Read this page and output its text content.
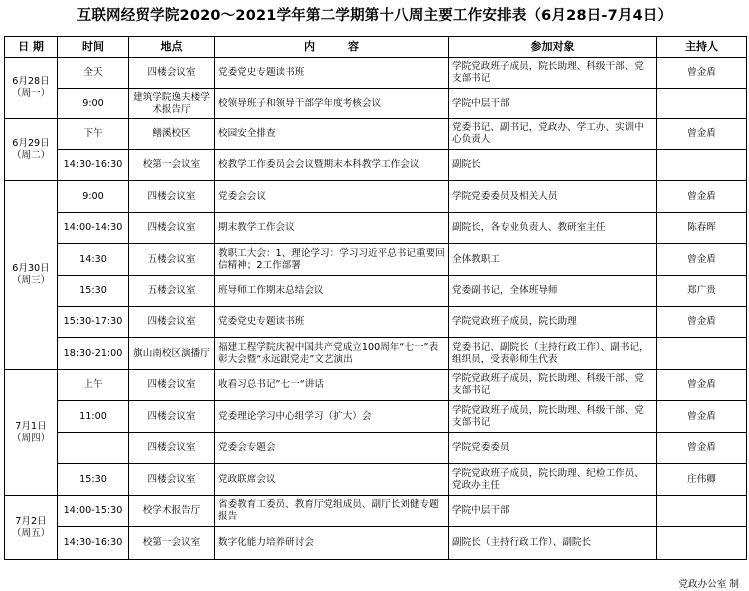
互联网经贸学院2020～2021学年第二学期第十八周主要工作安排表（6月28日-7月4日）
日 期	时间	地点	内　　　容	参加对象	主持人

6月28日
（周一）	全天	四楼会议室	党委党史专题读书班	学院党政班子成员，院长助理、科级干部、党支部书记	曾金盾
	9:00	建筑学院逸夫楼学术报告厅	校领导班子和领导干部学年度考核会议	学院中层干部	

6月29日
（周二）	下午	鳝溪校区	校园安全排查	党委书记、副书记，党政办、学工办、实训中心负责人	曾金盾
	14:30-16:30	校第一会议室	校教学工作委员会会议暨期末本科教学工作会议	副院长	

6月30日
（周三）	9:00	四楼会议室	党委会会议	学院党委委员及相关人员	曾金盾
	14:00-14:30	四楼会议室	期末教学工作会议	副院长，各专业负责人、教研室主任	陈春晖
	14:30	五楼会议室	教职工大会：1、理论学习：学习习近平总书记重要回信精神；2工作部署	全体教职工	曾金盾
	15:30	五楼会议室	班导师工作期末总结会议	党委副书记，全体班导师	郑广贵
	15:30-17:30	四楼会议室	党委党史专题读书班	学院党政班子成员，院长助理	曾金盾
	18:30-21:00	旗山南校区演播厅	福建工程学院庆祝中国共产党成立100周年“七一”表彰大会暨“永远跟党走”文艺演出	党委书记、副院长（主持行政工作）、副书记，组织员，受表彰师生代表	

7月1日
（周四）	上午	四楼会议室	收看习总书记”七一“讲话	学院党政班子成员，院长助理、科级干部、党支部书记	曾金盾
	11:00	四楼会议室	党委理论学习中心组学习（扩大）会	学院党政班子成员，院长助理、科级干部、党支部书记	曾金盾
		四楼会议室	党委会专题会	学院党委委员	曾金盾
	15:30	四楼会议室	党政联席会议	学院党政班子成员，院长助理、纪检工作员、党政办主任	庄伟卿

7月2日
（周五）	14:00-15:30	校学术报告厅	省委教育工委员、教育厅党组成员、副厅长刘健专题报告	学院中层干部	
	14:30-16:30	校第一会议室	数字化能力培养研讨会	副院长（主持行政工作）、副院长	
党政办公室 制
